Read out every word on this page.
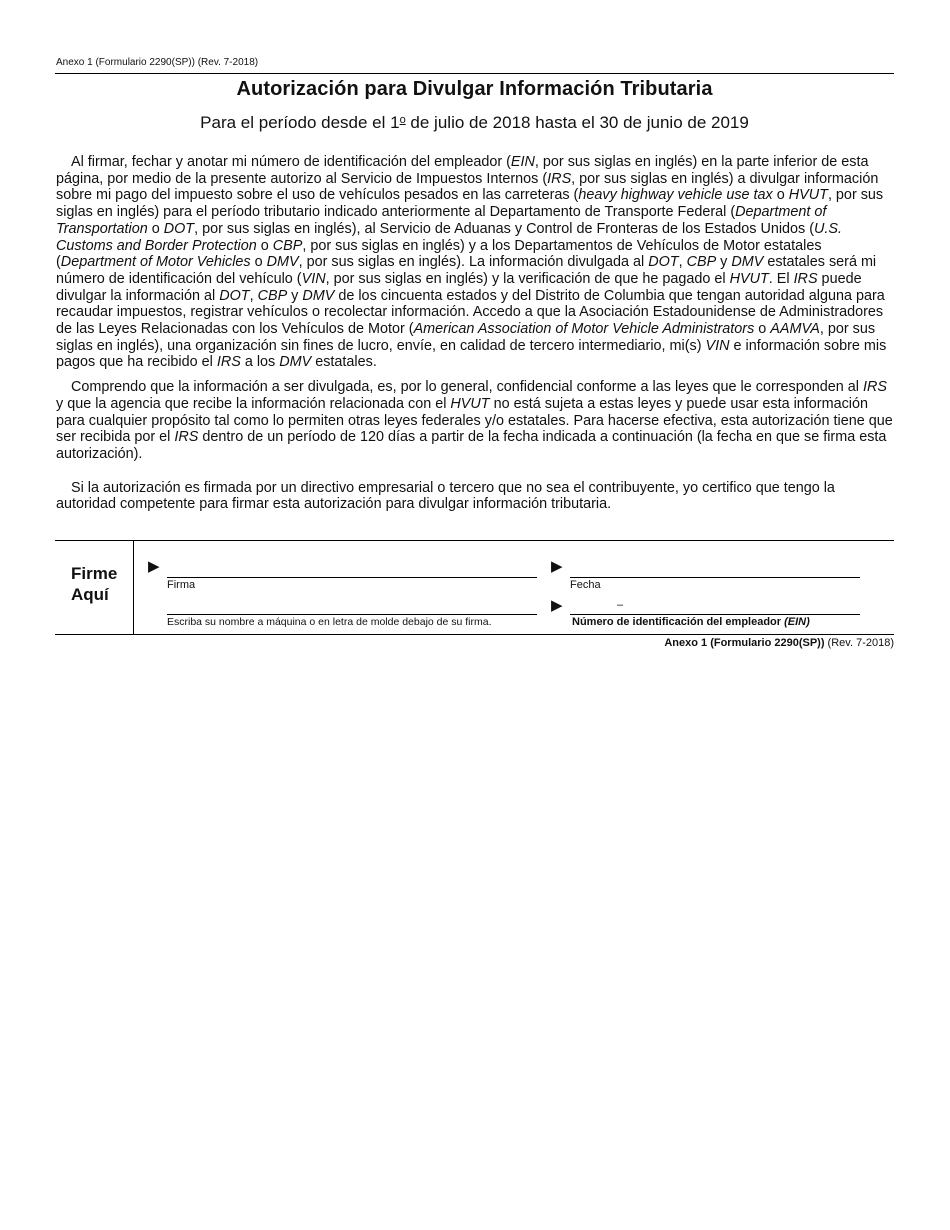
Anexo 1 (Formulario 2290(SP)) (Rev. 7-2018)
Autorización para Divulgar Información Tributaria
Para el período desde el 1$^o$ de julio de 2018 hasta el 30 de junio de 2019

Al firmar, fechar y anotar mi número de identificación del empleador (EIN, por sus siglas en inglés) en la parte inferior de esta página, por medio de la presente autorizo al Servicio de Impuestos Internos (IRS, por sus siglas en inglés) a divulgar información sobre mi pago del impuesto sobre el uso de vehículos pesados en las carreteras (heavy highway vehicle use tax o HVUT, por sus siglas en inglés) para el período tributario indicado anteriormente al Departamento de Transporte Federal (Department of Transportation o DOT, por sus siglas en inglés), al Servicio de Aduanas y Control de Fronteras de los Estados Unidos (U.S. Customs and Border Protection o CBP, por sus siglas en inglés) y a los Departamentos de Vehículos de Motor estatales (Department of Motor Vehicles o DMV, por sus siglas en inglés). La información divulgada al DOT, CBP y DMV estatales será mi número de identificación del vehículo (VIN, por sus siglas en inglés) y la verificación de que he pagado el HVUT. El IRS puede divulgar la información al DOT, CBP y DMV de los cincuenta estados y del Distrito de Columbia que tengan autoridad alguna para recaudar impuestos, registrar vehículos o recolectar información. Accedo a que la Asociación Estadounidense de Administradores de las Leyes Relacionadas con los Vehículos de Motor (American Association of Motor Vehicle Administrators o AAMVA, por sus siglas en inglés), una organización sin fines de lucro, envíe, en calidad de tercero intermediario, mi(s) VIN e información sobre mis pagos que ha recibido el IRS a los DMV estatales.

Comprendo que la información a ser divulgada, es, por lo general, confidencial conforme a las leyes que le corresponden al IRS y que la agencia que recibe la información relacionada con el HVUT no está sujeta a estas leyes y puede usar esta información para cualquier propósito tal como lo permiten otras leyes federales y/o estatales. Para hacerse efectiva, esta autorización tiene que ser recibida por el IRS dentro de un período de 120 días a partir de la fecha indicada a continuación (la fecha en que se firma esta autorización).

Si la autorización es firmada por un directivo empresarial o tercero que no sea el contribuyente, yo certifico que tengo la autoridad competente para firmar esta autorización para divulgar información tributaria.

Firme
Aquí
▶
Firma
▶
Fecha
Escriba su nombre a máquina o en letra de molde debajo de su firma.
▶	–
Número de identificación del empleador (EIN)
Anexo 1 (Formulario 2290(SP)) (Rev. 7-2018)
